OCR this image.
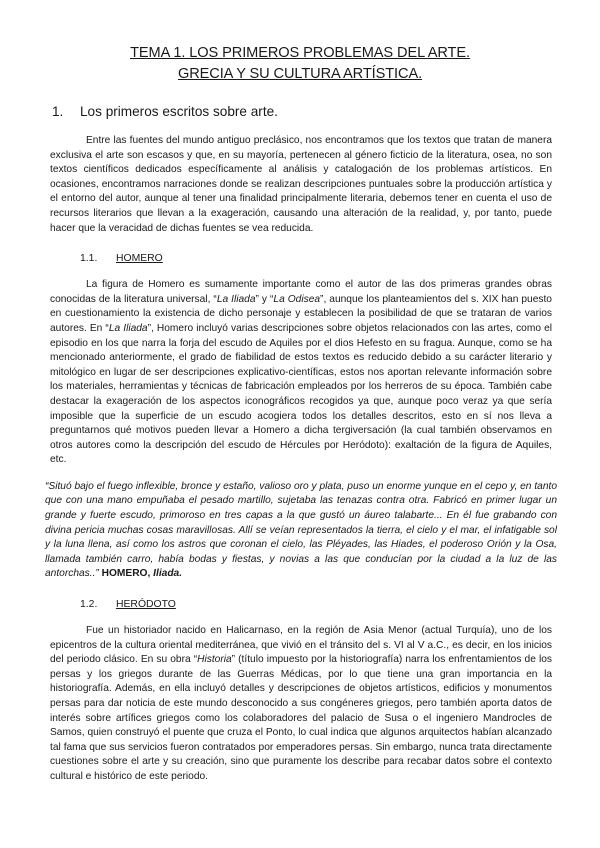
TEMA 1. LOS PRIMEROS PROBLEMAS DEL ARTE.
GRECIA Y SU CULTURA ARTÍSTICA.
1. Los primeros escritos sobre arte.

Entre las fuentes del mundo antiguo preclásico, nos encontramos que los textos que tratan de manera exclusiva el arte son escasos y que, en su mayoría, pertenecen al género ficticio de la literatura, osea, no son textos científicos dedicados específicamente al análisis y catalogación de los problemas artísticos. En ocasiones, encontramos narraciones donde se realizan descripciones puntuales sobre la producción artística y el entorno del autor, aunque al tener una finalidad principalmente literaria, debemos tener en cuenta el uso de recursos literarios que llevan a la exageración, causando una alteración de la realidad, y, por tanto, puede hacer que la veracidad de dichas fuentes se vea reducida.

1.1. HOMERO

La figura de Homero es sumamente importante como el autor de las dos primeras grandes obras conocidas de la literatura universal, “La Iliada” y “La Odisea”, aunque los planteamientos del s. XIX han puesto en cuestionamiento la existencia de dicho personaje y establecen la posibilidad de que se trataran de varios autores. En “La Iliada”, Homero incluyó varias descripciones sobre objetos relacionados con las artes, como el episodio en los que narra la forja del escudo de Aquiles por el dios Hefesto en su fragua. Aunque, como se ha mencionado anteriormente, el grado de fiabilidad de estos textos es reducido debido a su carácter literario y mitológico en lugar de ser descripciones explicativo-científicas, estos nos aportan relevante información sobre los materiales, herramientas y técnicas de fabricación empleados por los herreros de su época. También cabe destacar la exageración de los aspectos iconográficos recogidos ya que, aunque poco veraz ya que sería imposible que la superficie de un escudo acogiera todos los detalles descritos, esto en sí nos lleva a preguntarnos qué motivos pueden llevar a Homero a dicha tergiversación (la cual también observamos en otros autores como la descripción del escudo de Hércules por Heródoto): exaltación de la figura de Aquiles, etc.

“Situó bajo el fuego inflexible, bronce y estaño, valioso oro y plata, puso un enorme yunque en el cepo y, en tanto que con una mano empuñaba el pesado martillo, sujetaba las tenazas contra otra. Fabricó en primer lugar un grande y fuerte escudo, primoroso en tres capas a la que gustó un áureo talabarte... En él fue grabando con divina pericia muchas cosas maravillosas. Allí se veían representados la tierra, el cielo y el mar, el infatigable sol y la luna llena, así como los astros que coronan el cielo, las Pléyades, las Hiades, el poderoso Orión y la Osa, llamada también carro, había bodas y fiestas, y novias a las que conducían por la ciudad a la luz de las antorchas..” HOMERO, Iliada.

1.2. HERÓDOTO

Fue un historiador nacido en Halicarnaso, en la región de Asia Menor (actual Turquía), uno de los epicentros de la cultura oriental mediterránea, que vivió en el tránsito del s. VI al V a.C., es decir, en los inicios del periodo clásico. En su obra “Historia” (título impuesto por la historiografía) narra los enfrentamientos de los persas y los griegos durante de las Guerras Médicas, por lo que tiene una gran importancia en la historiografía. Además, en ella incluyó detalles y descripciones de objetos artísticos, edificios y monumentos persas para dar noticia de este mundo desconocido a sus congéneres griegos, pero también aporta datos de interés sobre artífices griegos como los colaboradores del palacio de Susa o el ingeniero Mandrocles de Samos, quien construyó el puente que cruza el Ponto, lo cual indica que algunos arquitectos habían alcanzado tal fama que sus servicios fueron contratados por emperadores persas. Sin embargo, nunca trata directamente cuestiones sobre el arte y su creación, sino que puramente los describe para recabar datos sobre el contexto cultural e histórico de este periodo.
